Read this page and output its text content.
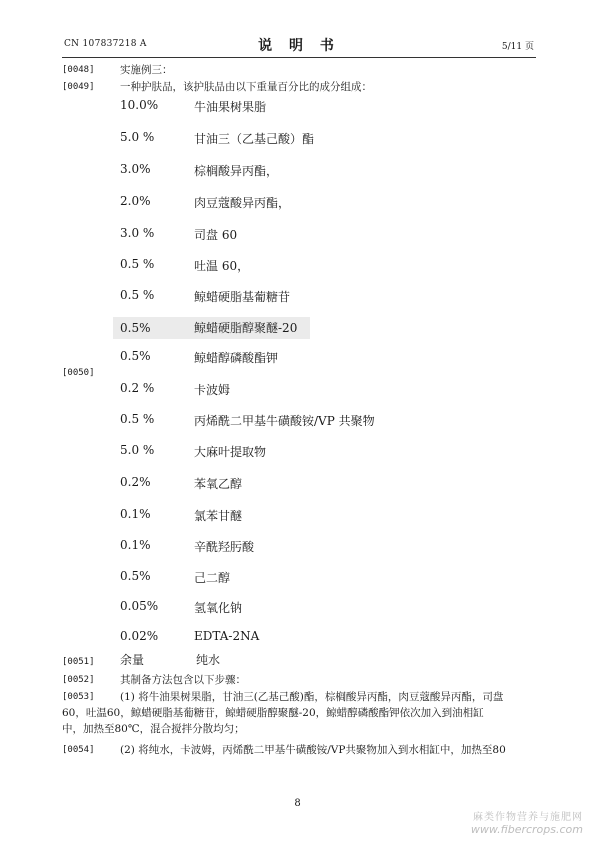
CN 107837218 A	说 明 书	5/11 页
[0048] 实施例三：
[0049] 一种护肤品，该护肤品由以下重量百分比的成分组成：
10.0%	牛油果树果脂
5.0 %	甘油三（乙基己酸）酯
3.0%	棕榈酸异丙酯，
2.0%	肉豆蔻酸异丙酯，
3.0 %	司盘 60
0.5 %	吐温 60，
0.5 %	鲸蜡硬脂基葡糖苷
0.5%	鲸蜡硬脂醇聚醚-20
0.5%	鲸蜡醇磷酸酯钾
0.2 %	卡波姆
0.5 %	丙烯酰二甲基牛磺酸铵/VP 共聚物
5.0 %	大麻叶提取物
0.2%	苯氧乙醇
0.1%	氯苯甘醚
0.1%	辛酰羟肟酸
0.5%	己二醇
0.05%	氢氧化钠
0.02%	EDTA-2NA
[0050]
[0051] 余量	纯水
[0052] 其制备方法包含以下步骤：
[0053] (1) 将牛油果树果脂，甘油三(乙基己酸)酯，棕榈酸异丙酯，肉豆蔻酸异丙酯，司盘
60，吐温60，鲸蜡硬脂基葡糖苷，鲸蜡硬脂醇聚醚-20，鲸蜡醇磷酸酯钾依次加入到油相缸
中，加热至80℃，混合搅拌分散均匀；
[0054] (2) 将纯水，卡波姆，丙烯酰二甲基牛磺酸铵/VP共聚物加入到水相缸中，加热至80
8
麻类作物营养与施肥网
www.fibercrops.com
